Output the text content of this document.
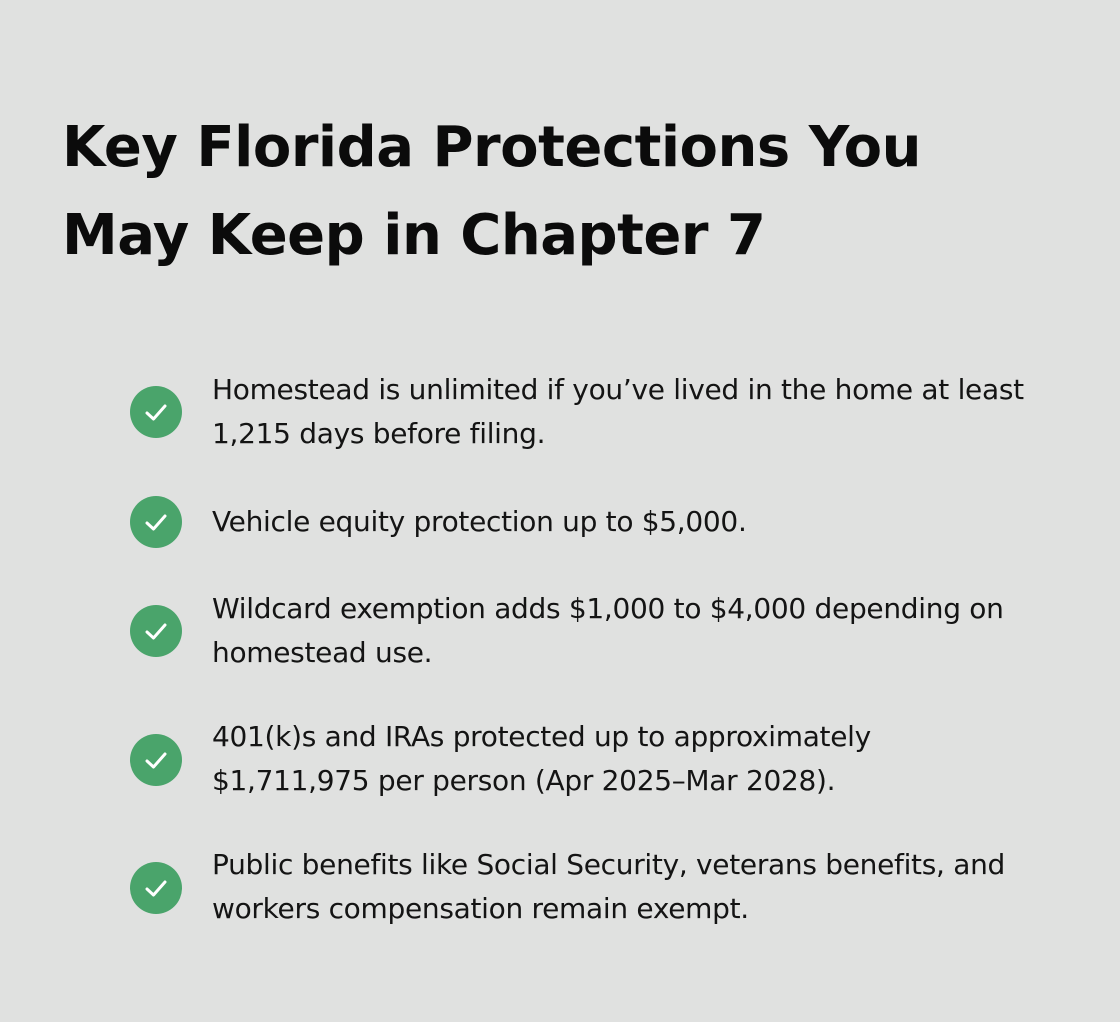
Key Florida Protections You May Keep in Chapter 7
Homestead is unlimited if you’ve lived in the home at least 1,215 days before filing.
Vehicle equity protection up to $5,000.
Wildcard exemption adds $1,000 to $4,000 depending on homestead use.
401(k)s and IRAs protected up to approximately $1,711,975 per person (Apr 2025–Mar 2028).
Public benefits like Social Security, veterans benefits, and workers compensation remain exempt.
